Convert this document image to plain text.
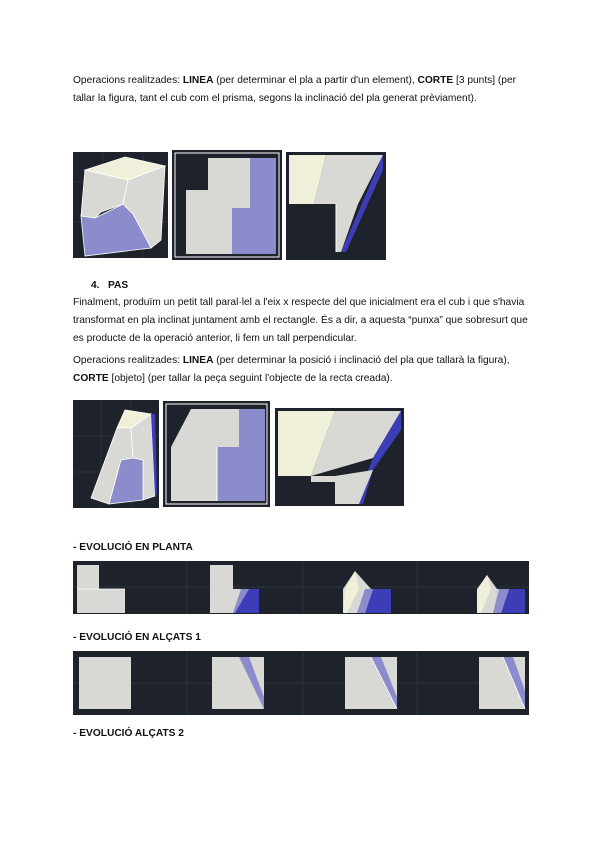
Operacions realitzades: LINEA (per determinar el pla a partir d'un element), CORTE [3 punts] (per tallar la figura, tant el cub com el prisma, segons la inclinació del pla generat prèviament).
4. PAS
Finalment, produïm un petit tall paral·lel a l'eix x respecte del que inicialment era el cub i que s'havia transformat en pla inclinat juntament amb el rectangle. És a dir, a aquesta “punxa” que sobresurt que es producte de la operació anterior, li fem un tall perpendicular.
Operacions realitzades: LINEA (per determinar la posició i inclinació del pla que tallarà la figura), CORTE [objeto] (per tallar la peça seguint l'objecte de la recta creada).
- EVOLUCIÓ EN PLANTA
- EVOLUCIÓ EN ALÇATS 1
- EVOLUCIÓ ALÇATS 2
